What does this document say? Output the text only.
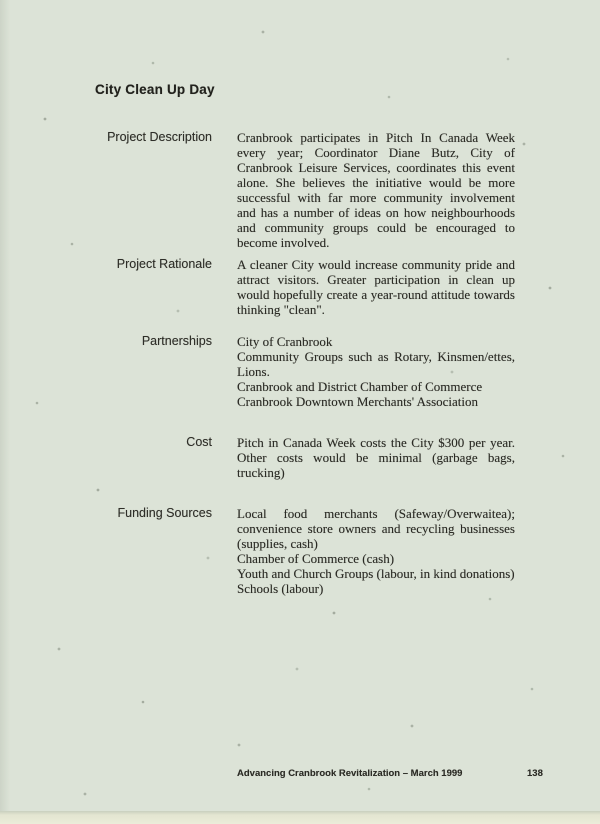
City Clean Up Day
Project Description Cranbrook participates in Pitch In Canada Week every year; Coordinator Diane Butz, City of Cranbrook Leisure Services, coordinates this event alone. She believes the initiative would be more successful with far more community involvement and has a number of ideas on how neighbourhoods and community groups could be encouraged to become involved.

Project Rationale A cleaner City would increase community pride and attract visitors. Greater participation in clean up would hopefully create a year-round attitude towards thinking "clean".

Partnerships City of Cranbrook

Community Groups such as Rotary, Kinsmen/ettes, Lions.

Cranbrook and District Chamber of Commerce

Cranbrook Downtown Merchants' Association

Cost Pitch in Canada Week costs the City $300 per year. Other costs would be minimal (garbage bags, trucking)

Funding Sources Local food merchants (Safeway/Overwaitea); convenience store owners and recycling businesses (supplies, cash)

Chamber of Commerce (cash)

Youth and Church Groups (labour, in kind donations)

Schools (labour)

Advancing Cranbrook Revitalization – March 1999	138
